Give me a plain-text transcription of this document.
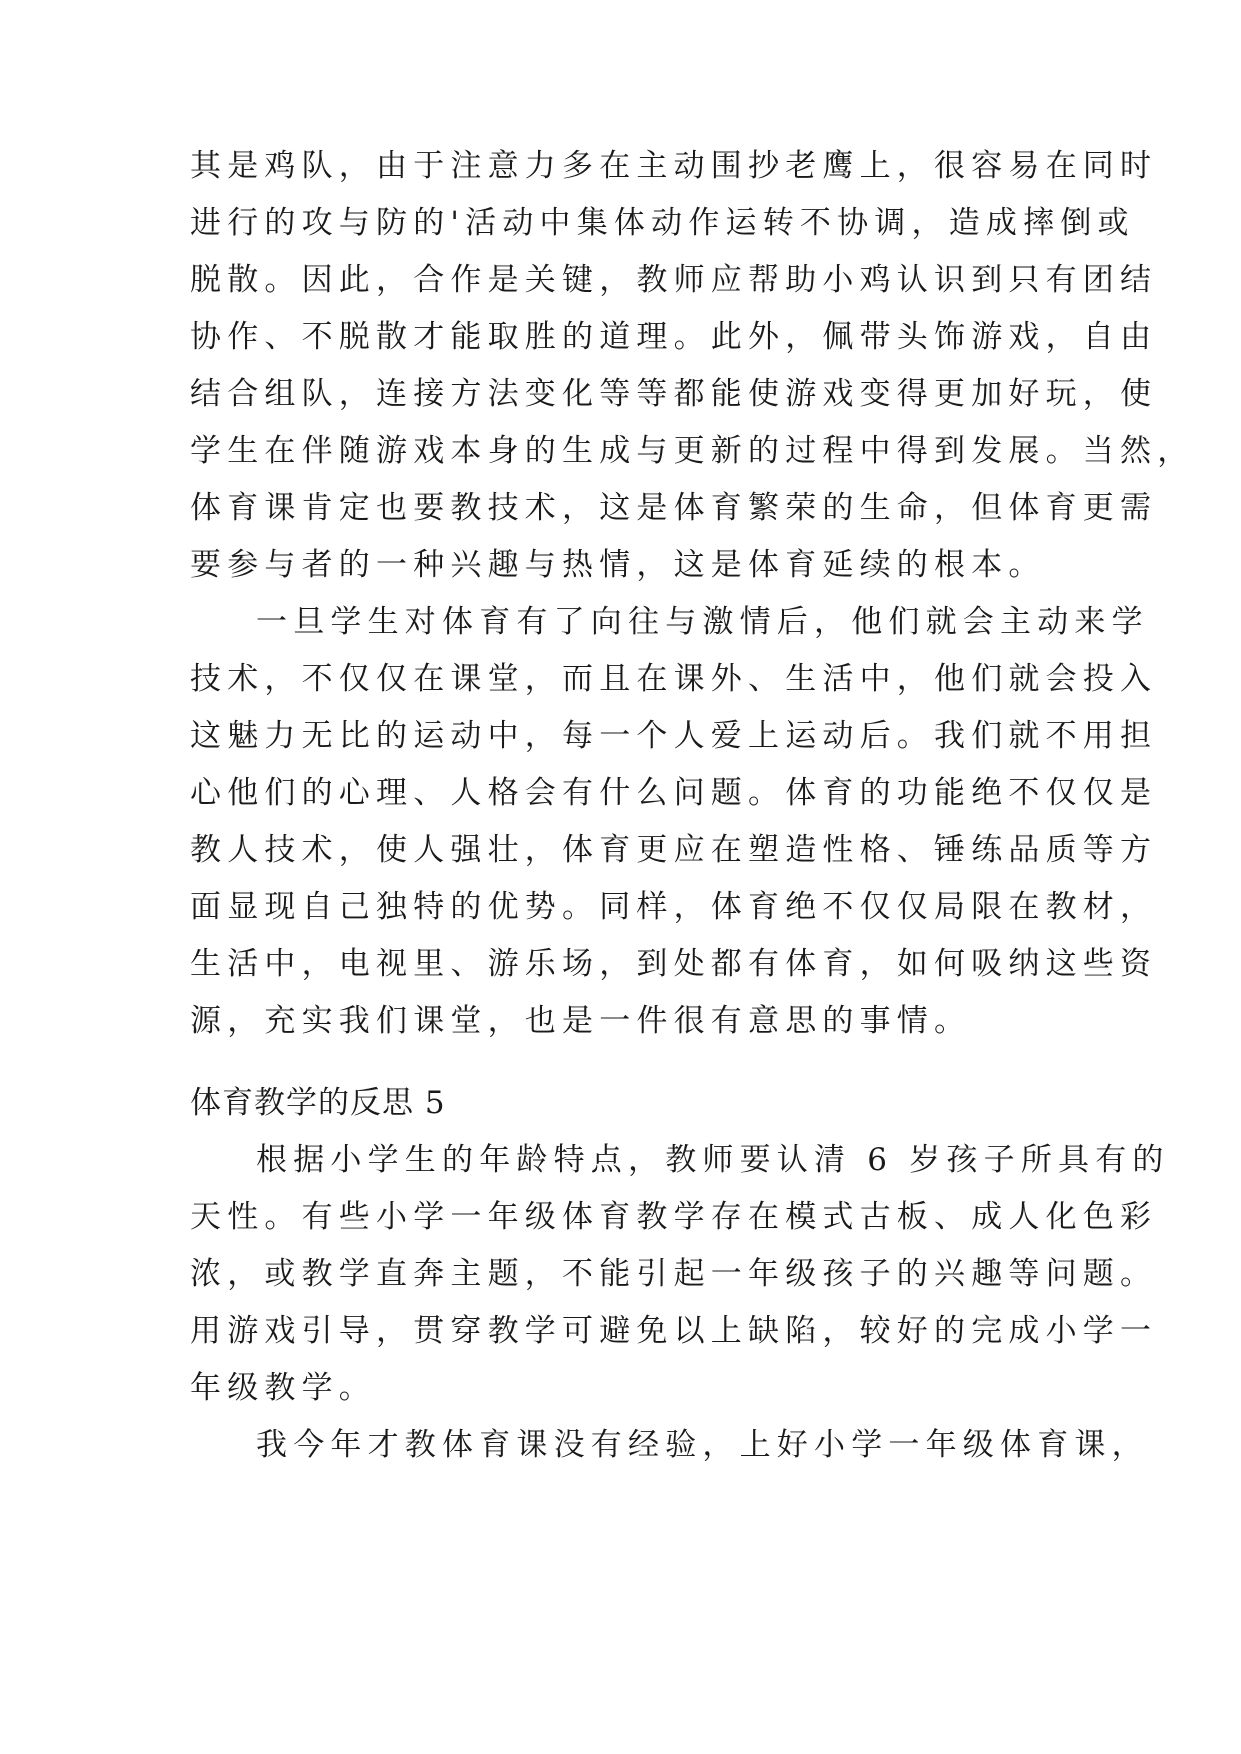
其是鸡队，由于注意力多在主动围抄老鹰上，很容易在同时
进行的攻与防的'活动中集体动作运转不协调，造成摔倒或
脱散。因此，合作是关键，教师应帮助小鸡认识到只有团结
协作、不脱散才能取胜的道理。此外，佩带头饰游戏，自由
结合组队，连接方法变化等等都能使游戏变得更加好玩，使
学生在伴随游戏本身的生成与更新的过程中得到发展。当然，
体育课肯定也要教技术，这是体育繁荣的生命，但体育更需
要参与者的一种兴趣与热情，这是体育延续的根本。
一旦学生对体育有了向往与激情后，他们就会主动来学
技术，不仅仅在课堂，而且在课外、生活中，他们就会投入
这魅力无比的运动中，每一个人爱上运动后。我们就不用担
心他们的心理、人格会有什么问题。体育的功能绝不仅仅是
教人技术，使人强壮，体育更应在塑造性格、锤练品质等方
面显现自己独特的优势。同样，体育绝不仅仅局限在教材，
生活中，电视里、游乐场，到处都有体育，如何吸纳这些资
源，充实我们课堂，也是一件很有意思的事情。
体育教学的反思 5
根据小学生的年龄特点，教师要认清 6 岁孩子所具有的
天性。有些小学一年级体育教学存在模式古板、成人化色彩
浓，或教学直奔主题，不能引起一年级孩子的兴趣等问题。
用游戏引导，贯穿教学可避免以上缺陷，较好的完成小学一
年级教学。
我今年才教体育课没有经验，上好小学一年级体育课，
